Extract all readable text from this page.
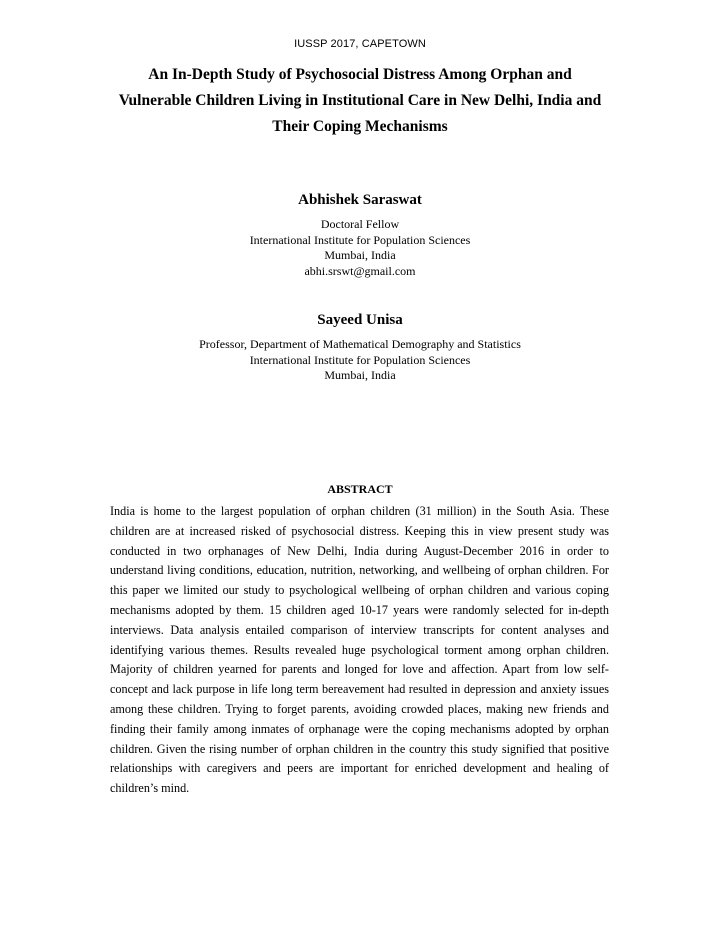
IUSSP 2017, CAPETOWN
An In-Depth Study of Psychosocial Distress Among Orphan and
Vulnerable Children Living in Institutional Care in New Delhi, India and
Their Coping Mechanisms
Abhishek Saraswat
Doctoral Fellow
International Institute for Population Sciences
Mumbai, India
abhi.srswt@gmail.com
Sayeed Unisa
Professor, Department of Mathematical Demography and Statistics
International Institute for Population Sciences
Mumbai, India
ABSTRACT
India is home to the largest population of orphan children (31 million) in the South Asia. These children are at increased risked of psychosocial distress. Keeping this in view present study was conducted in two orphanages of New Delhi, India during August-December 2016 in order to understand living conditions, education, nutrition, networking, and wellbeing of orphan children. For this paper we limited our study to psychological wellbeing of orphan children and various coping mechanisms adopted by them. 15 children aged 10-17 years were randomly selected for in-depth interviews. Data analysis entailed comparison of interview transcripts for content analyses and identifying various themes. Results revealed huge psychological torment among orphan children. Majority of children yearned for parents and longed for love and affection. Apart from low self-concept and lack purpose in life long term bereavement had resulted in depression and anxiety issues among these children. Trying to forget parents, avoiding crowded places, making new friends and finding their family among inmates of orphanage were the coping mechanisms adopted by orphan children. Given the rising number of orphan children in the country this study signified that positive relationships with caregivers and peers are important for enriched development and healing of children’s mind.
